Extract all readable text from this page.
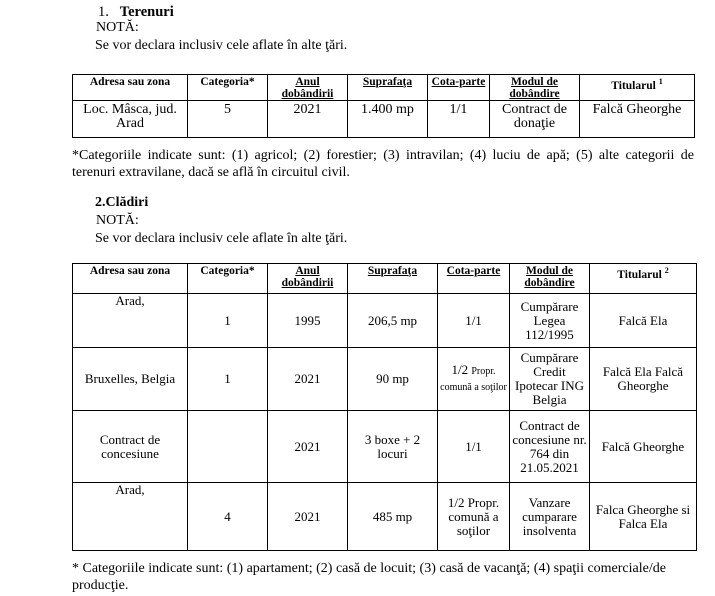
1. Terenuri
NOTĂ:
Se vor declara inclusiv cele aflate în alte ţări.
Adresa sau zona	Categoria*	Anul dobândirii	Suprafaţa	Cota-parte	Modul de dobândire	Titularul $^1$
Loc. Mâsca, jud. Arad	5	2021	1.400 mp	1/1	Contract de donaţie	Falcă Gheorghe
*Categoriile indicate sunt: (1) agricol; (2) forestier; (3) intravilan; (4) luciu de apă; (5) alte categorii de terenuri extravilane, dacă se află în circuitul civil.
2.Clădiri
NOTĂ:
Se vor declara inclusiv cele aflate în alte ţări.
Adresa sau zona	Categoria*	Anul dobândirii	Suprafaţa	Cota-parte	Modul de dobândire	Titularul $^2$
Arad,	1	1995	206,5 mp	1/1	Cumpărare Legea 112/1995	Falcă Ela
Bruxelles, Belgia	1	2021	90 mp	1/2 Propr. comună a soţilor	Cumpărare Credit Ipotecar ING Belgia	Falcă Ela Falcă Gheorghe
Contract de concesiune		2021	3 boxe + 2 locuri	1/1	Contract de concesiune nr. 764 din 21.05.2021	Falcă Gheorghe
Arad,	4	2021	485 mp	1/2 Propr. comună a soţilor	Vanzare cumparare insolventa	Falca Gheorghe si Falca Ela
* Categoriile indicate sunt: (1) apartament; (2) casă de locuit; (3) casă de vacanţă; (4) spaţii comerciale/de producţie.
